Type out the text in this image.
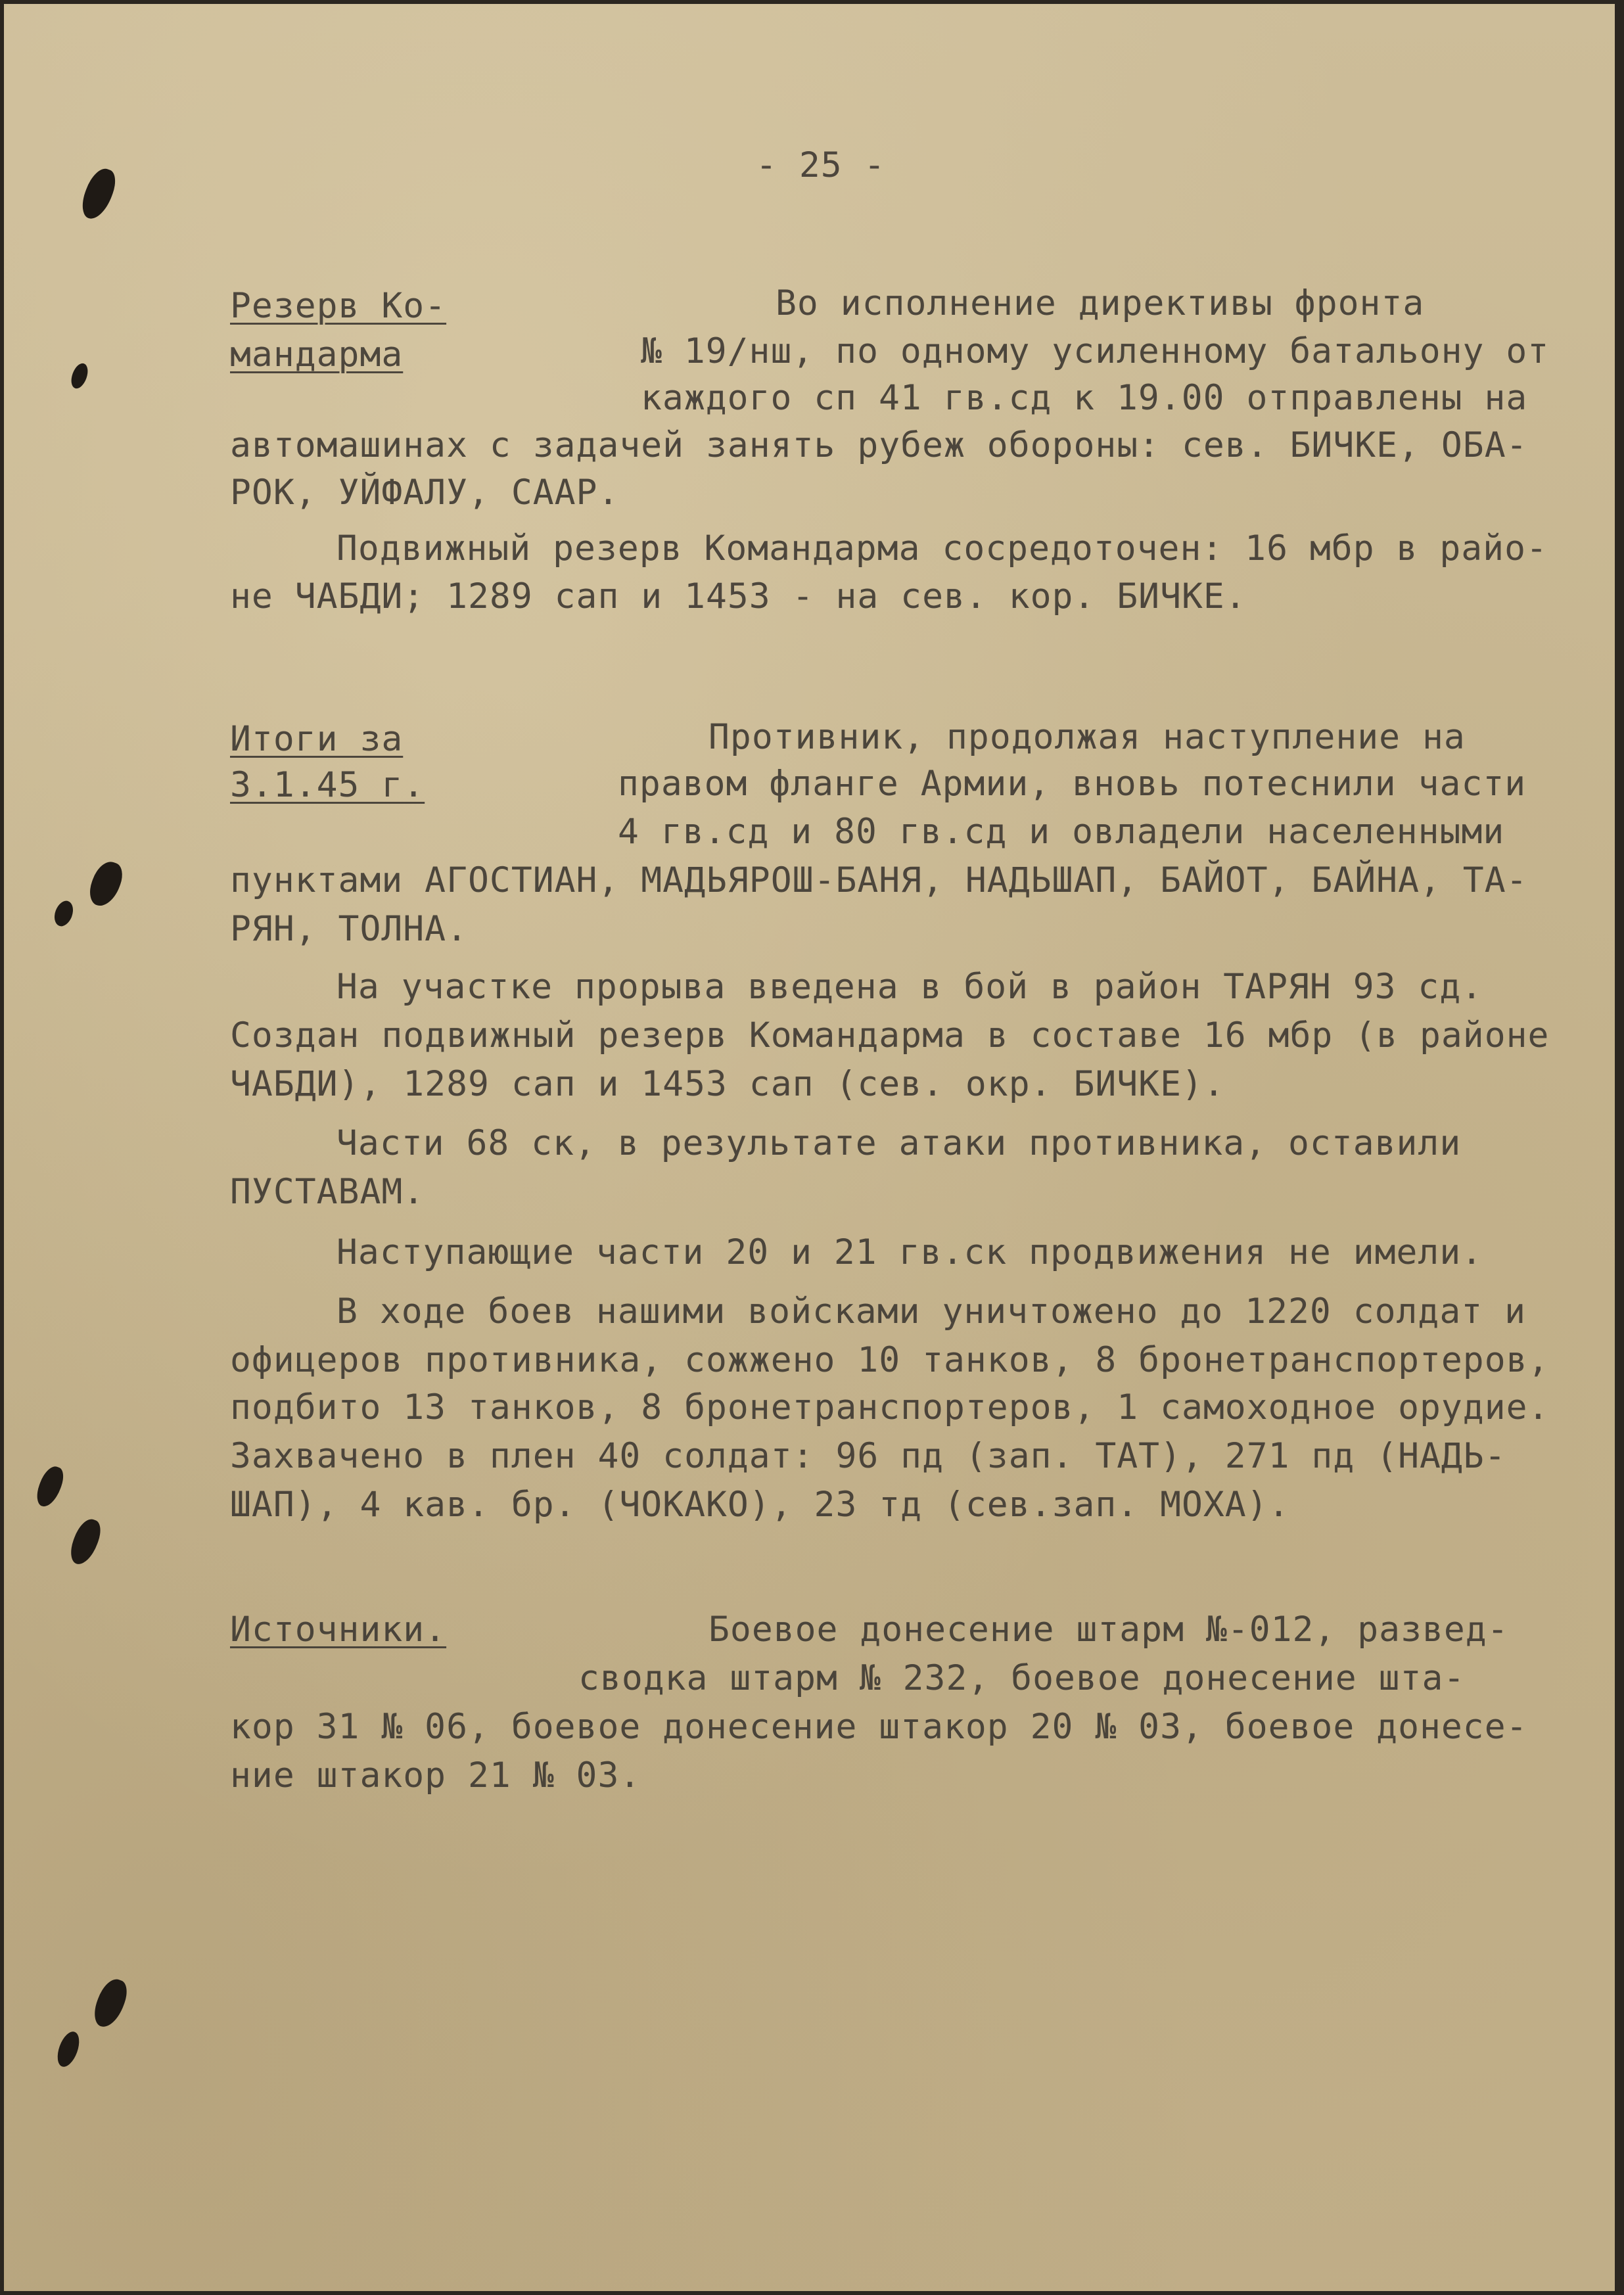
- 25 -
Резерв Ко-
мандарма
Во исполнение директивы фронта
№ 19/нш, по одному усиленному батальону от
каждого сп 41 гв.сд к 19.00 отправлены на
автомашинах с задачей занять рубеж обороны: сев. БИЧКЕ, ОБА-
РОК, УЙФАЛУ, СААР.
Подвижный резерв Командарма сосредоточен: 16 мбр в райо-
не ЧАБДИ; 1289 сап и 1453 - на сев. кор. БИЧКЕ.
Итоги за
3.1.45 г.
Противник, продолжая наступление на
правом фланге Армии, вновь потеснили части
4 гв.сд и 80 гв.сд и овладели населенными
пунктами АГОСТИАН, МАДЬЯРОШ-БАНЯ, НАДЬШАП, БАЙОТ, БАЙНА, ТА-
РЯН, ТОЛНА.
На участке прорыва введена в бой в район ТАРЯН 93 сд.
Создан подвижный резерв Командарма в составе 16 мбр (в районе
ЧАБДИ), 1289 сап и 1453 сап (сев. окр. БИЧКЕ).
Части 68 ск, в результате атаки противника, оставили
ПУСТАВАМ.
Наступающие части 20 и 21 гв.ск продвижения не имели.
В ходе боев нашими войсками уничтожено до 1220 солдат и
офицеров противника, сожжено 10 танков, 8 бронетранспортеров,
подбито 13 танков, 8 бронетранспортеров, 1 самоходное орудие.
Захвачено в плен 40 солдат: 96 пд (зап. ТАТ), 271 пд (НАДЬ-
ШАП), 4 кав. бр. (ЧОКАКО), 23 тд (сев.зап. МОХА).
Источники.	Боевое донесение штарм №-012, развед-
сводка штарм № 232, боевое донесение шта-
кор 31 № 06, боевое донесение штакор 20 № 03, боевое донесе-
ние штакор 21 № 03.
